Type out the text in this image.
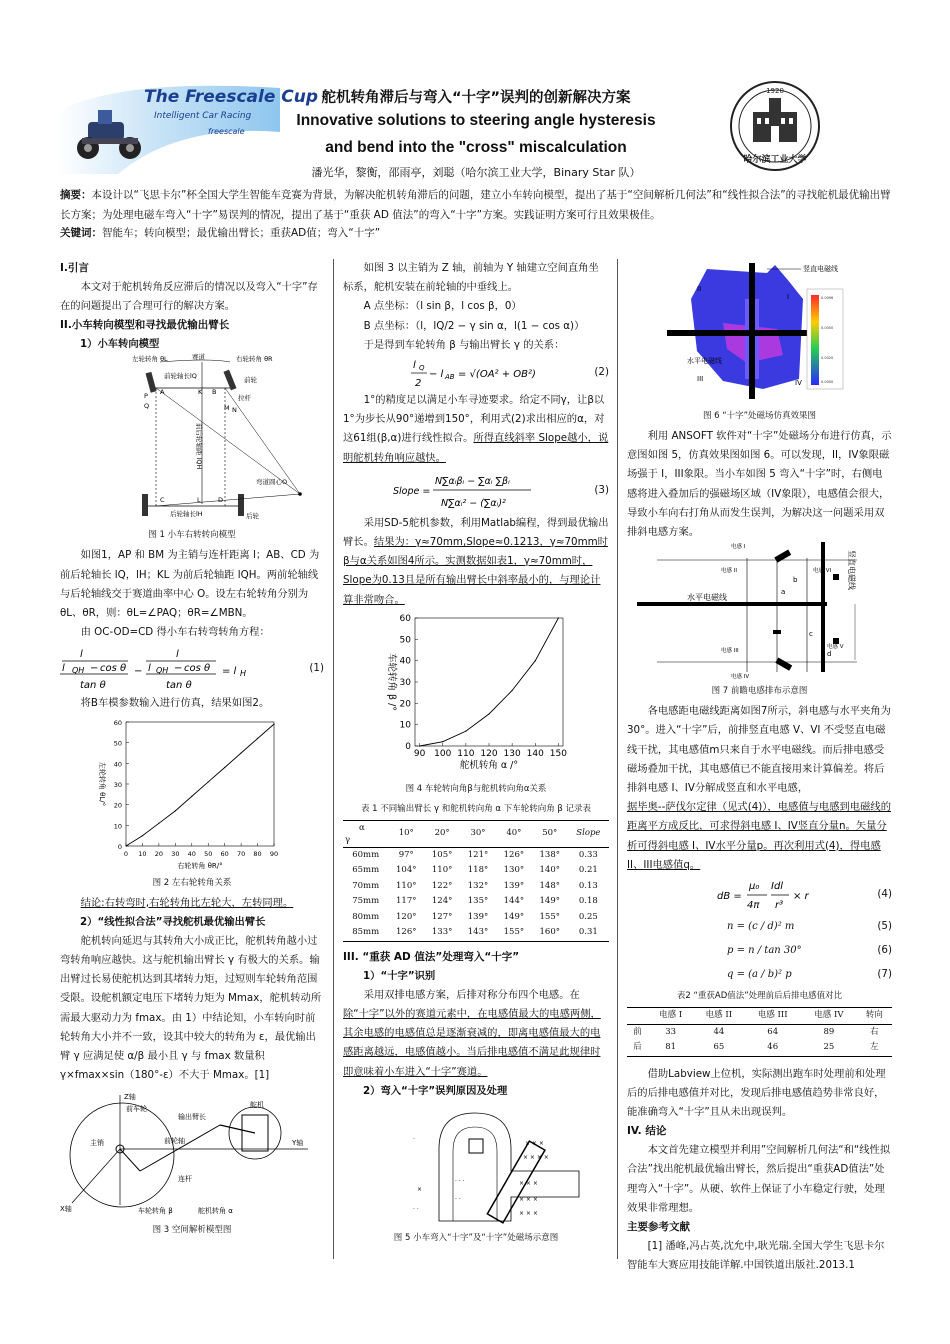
The Freescale Cup
Intelligent Car Racing
freescale
1920
哈尔滨工业大学
舵机转角滞后与弯入“十字”误判的创新解决方案
Innovative solutions to steering angle hysteresis
and bend into the "cross" miscalculation
潘光华，黎衡，邵雨亭，刘聪（哈尔滨工业大学，Binary Star 队）
摘要：本设计以“飞思卡尔”杯全国大学生智能车竞赛为背景，为解决舵机转角滞后的问题，建立小车转向模型，提出了基于“空间解析几何法”和“线性拟合法”的寻找舵机最优输出臂长方案；为处理电磁车弯入“十字”易误判的情况，提出了基于“重获 AD 值法”的弯入“十字”方案。实践证明方案可行且效果极佳。
关键词：智能车；转向模型；最优输出臂长；重获AD值；弯入“十字”
I.引言

本文对于舵机转角反应滞后的情况以及弯入“十字”存在的问题提出了合理可行的解决方案。

II.小车转向模型和寻找最优输出臂长
1）小车转向模型
左轮转角 θL	右轮转角 θR
赛道
前轮轴长lQ
拉杆
A	B
K
M N
P
Q
C	D
L
前后轮轴距 lQH
后轮轴长lH	后轮
前轮
弯道圆心O
图 1 小车右转转向模型

如图1，AP 和 BM 为主销与连杆距离 l；AB、CD 为前后轮轴长 lQ，lH；KL 为前后轮轴距 lQH。两前轮轴线与后轮轴线交于赛道曲率中心 O。设左右轮转角分别为 θL、θR，则：θL=∠PAQ；θR=∠MBN。

由 OC-OD=CD 得小车右转弯转角方程：

l
QH
l	− cos θ
tan θ
−
l
l QH − cos θ
tan θ
= l H
(1)

将B车模参数输入进行仿真，结果如图2。

0 10 20 30 40 50 60 70 80 90
0
10
20
30
40
50
60
右轮转角 θR/°
左轮转角 θL/°
图 2 左右轮转角关系

结论:右转弯时,右轮转角比左轮大，左转同理。

2）“线性拟合法”寻找舵机最优输出臂长

舵机转向延迟与其转角大小成正比，舵机转角越小过弯转角响应越快。这与舵机输出臂长 γ 有极大的关系。输出臂过长易使舵机达到其堵转力矩，过短则车轮转角范围受限。设舵机额定电压下堵转力矩为 Mmax，舵机转动所需最大驱动力为 fmax。由 1）中结论知，小车转向时前轮转角大小并不一致，设其中较大的转角为 ε，最优输出臂 γ 应满足使 α/β 最小且 γ 与 fmax 数量积 γ×fmax×sin（180°-ε）不大于 Mmax。[1]

Z轴
前车轮
输出臂长
舵机
主销	前轮轴	Y轴
连杆
X轴	车轮转角 β	舵机转角 α
图 3 空间解析模型图

如图 3 以主销为 Z 轴，前轴为 Y 轴建立空间直角坐标系，舵机安装在前轮轴的中垂线上。

A 点坐标：（l sin β，l cos β，0）

B 点坐标：（l，lQ/2 − γ sin α，l(1 − cos α)）

于是得到车轮转角 β 与输出臂长 γ 的关系：

l Q
2
− l AB = √(OA² + OB²)	(2)

1°的精度足以满足小车寻迹要求。给定不同γ，让β以1°为步长从90°递增到150°，利用式(2)求出相应的α，对这61组(β,α)进行线性拟合。所得直线斜率 Slope越小，说明舵机转角响应越快。

Slope =
N∑αᵢβᵢ − ∑αᵢ ∑βᵢ
N∑αᵢ² − (∑αᵢ)²
(3)

采用SD-5舵机参数，利用Matlab编程，得到最优输出臂长。结果为：γ≈70mm,Slope≈0.1213，γ≈70mm时β与α关系如图4所示。实测数据如表1，γ≈70mm时，Slope为0.13且是所有输出臂长中斜率最小的，与理论计算非常吻合。

90 100 110 120 130 140 150
0
10
20
30
40
50
60
舵机转角 α /°
车轮转角 β /°
图 4 车轮转向角β与舵机转向角α关系
表 1 不同输出臂长 γ 和舵机转向角 α 下车轮转向角 β 记录表
α
γ	10°	20°	30°	40°	50°	Slope
60mm	97°	105°	121°	126°	138°	0.33
65mm	104°	110°	118°	130°	140°	0.21
70mm	110°	122°	132°	139°	148°	0.13
75mm	117°	124°	135°	144°	149°	0.18
80mm	120°	127°	139°	149°	155°	0.25
85mm	126°	133°	143°	155°	160°	0.31
III. “重获 AD 值法”处理弯入“十字”
1）“十字”识别

采用双排电感方案，后排对称分布四个电感。在

除“十字”以外的赛道元素中，在电感值最大的电感两侧，其余电感的电感值总是逐渐衰减的，即离电感值最大的电感距离越远，电感值越小。当后排电感值不满足此规律时即意味着小车进入“十字”赛道。

2）弯入“十字”误判原因及处理
× × ×
× × × ×
× × ×
× × ×
× × ×
· · ·
· ·
·
×
· ·
图 5 小车弯入“十字”及“十字”处磁场示意图
0.0096
0.0050
0.0020
0.0000
竖直电磁线
水平电磁线
I
II
III	IV
图 6 “十字”处磁场仿真效果图

利用 ANSOFT 软件对“十字”处磁场分布进行仿真，示意图如图 5，仿真效果图如图 6。可以发现，II，IV象限磁场强于 I，III象限。当小车如图 5 弯入“十字”时，右侧电感将进入叠加后的强磁场区域（IV象限），电感值会很大，导致小车向右打角从而发生误判，为解决这一问题采用双排斜电感方案。

电感 I
电感 II
电感 III
电感 IV
电感 V
电感 VI
水平电磁线
竖直电磁线
a
b
c
d
图 7 前瞻电感排布示意图

各电感距电磁线距离如图7所示，斜电感与水平夹角为30°。进入“十字”后，前排竖直电感 V、VI 不受竖直电磁线干扰，其电感值m只来自于水平电磁线。而后排电感受磁场叠加干扰，其电感值已不能直接用来计算偏差。将后排斜电感 I、IV分解成竖直和水平电感，

据毕奥--萨伐尔定律（见式(4)），电感值与电感到电磁线的距离平方成反比，可求得斜电感 I、IV竖直分量n。矢量分析可得斜电感 I、IV水平分量p。再次利用式(4)，得电感II、III电感值q。

dB =
μ₀
4π
Idl
r³
× r	(4)
n = (c / d)² m	(5)
p = n / tan 30°	(6)
q = (a / b)² p	(7)
表2 “重获AD值法”处理前后后排电感值对比
	电感 I	电感 II	电感 III	电感 IV	转向
前	33	44	64	89	右
后	81	65	46	25	左

借助Labview上位机，实际测出跑车时处理前和处理后的后排电感值并对比，发现后排电感值趋势非常良好，能准确弯入“十字”且从未出现误判。

IV. 结论

本文首先建立模型并利用”空间解析几何法“和“线性拟合法”找出舵机最优输出臂长，然后提出“重获AD值法”处理弯入“十字”。从硬、软件上保证了小车稳定行驶，处理效果非常理想。

主要参考文献

[1] 潘峰,冯占英,沈允中,耿光瑞.全国大学生飞思卡尔智能车大赛应用技能详解.中国铁道出版社.2013.1
